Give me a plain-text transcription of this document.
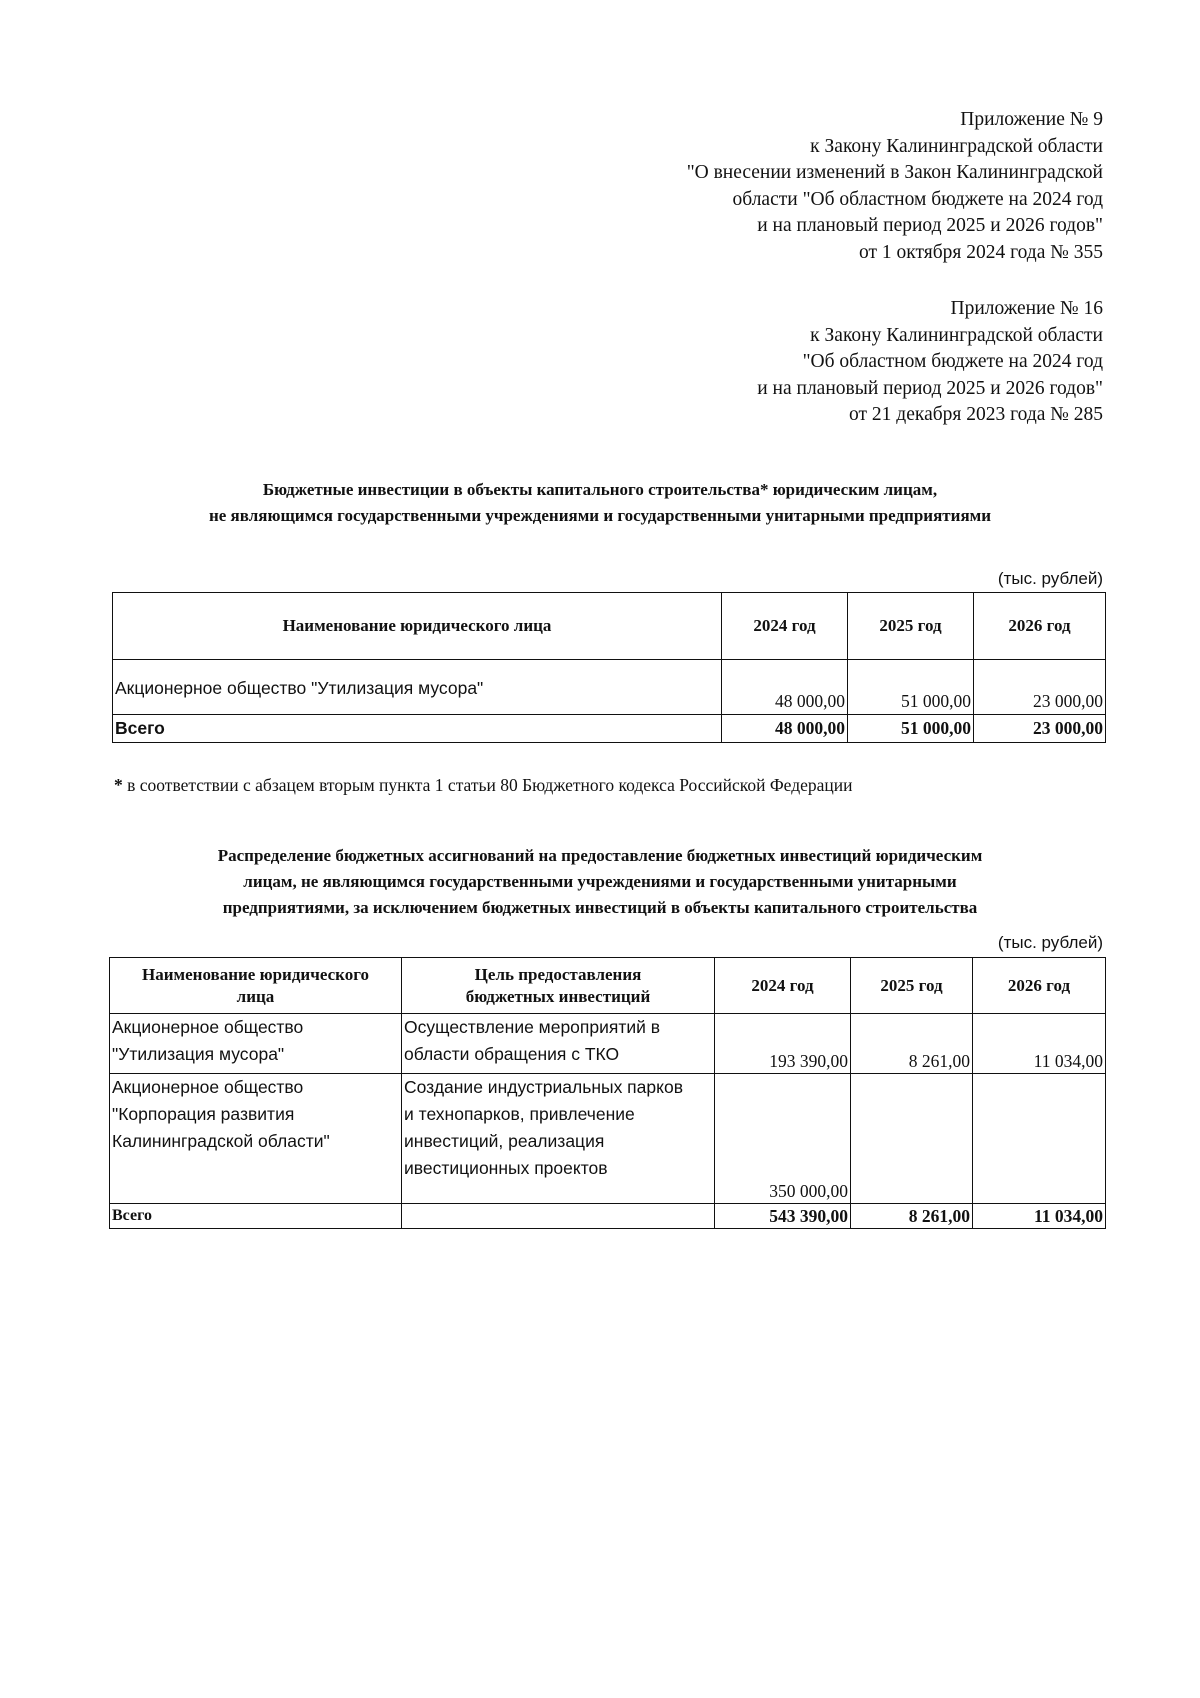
Приложение № 9
к Закону Калининградской области
"О внесении изменений в Закон Калининградской
области "Об областном бюджете на 2024 год
и на плановый период 2025 и 2026 годов"
от 1 октября 2024 года № 355
Приложение № 16
к Закону Калининградской области
"Об областном бюджете на 2024 год
и на плановый период 2025 и 2026 годов"
от 21 декабря 2023 года № 285
Бюджетные инвестиции в объекты капитального строительства* юридическим лицам,
не являющимся государственными учреждениями и государственными унитарными предприятиями
(тыс. рублей)
Наименование юридического лица	2024 год	2025 год	2026 год
Акционерное общество "Утилизация мусора"	48 000,00	51 000,00	23 000,00
Всего	48 000,00	51 000,00	23 000,00
* в соответствии с абзацем вторым пункта 1 статьи 80 Бюджетного кодекса Российской Федерации
Распределение бюджетных ассигнований на предоставление бюджетных инвестиций юридическим
лицам, не являющимся государственными учреждениями и государственными унитарными
предприятиями, за исключением бюджетных инвестиций в объекты капитального строительства
(тыс. рублей)
Наименование юридического
лица	Цель предоставления
бюджетных инвестиций	2024 год	2025 год	2026 год

Акционерное общество
"Утилизация мусора"	Осуществление мероприятий в
области обращения с ТКО	193 390,00	8 261,00	11 034,00

Акционерное общество
"Корпорация развития
Калининградской области"	Создание индустриальных парков
и технопарков, привлечение
инвестиций, реализация
ивестиционных проектов	350 000,00		
Всего		543 390,00	8 261,00	11 034,00
